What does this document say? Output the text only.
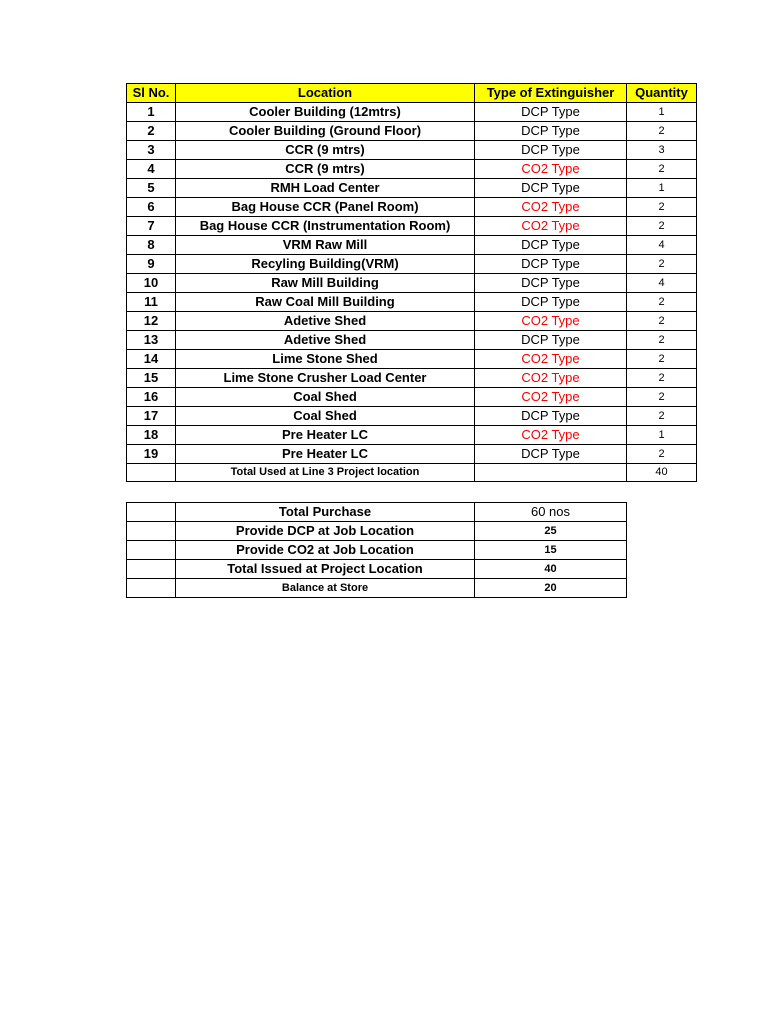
Sl No.	Location	Type of Extinguisher	Quantity
1	Cooler Building (12mtrs)	DCP Type	1
2	Cooler Building (Ground Floor)	DCP Type	2
3	CCR (9 mtrs)	DCP Type	3
4	CCR (9 mtrs)	CO2 Type	2
5	RMH Load Center	DCP Type	1
6	Bag House CCR (Panel Room)	CO2 Type	2
7	Bag House CCR (Instrumentation Room)	CO2 Type	2
8	VRM Raw Mill	DCP Type	4
9	Recyling Building(VRM)	DCP Type	2
10	Raw Mill Building	DCP Type	4
11	Raw Coal Mill Building	DCP Type	2
12	Adetive Shed	CO2 Type	2
13	Adetive Shed	DCP Type	2
14	Lime Stone Shed	CO2 Type	2
15	Lime Stone Crusher Load Center	CO2 Type	2
16	Coal Shed	CO2 Type	2
17	Coal Shed	DCP Type	2
18	Pre Heater LC	CO2 Type	1
19	Pre Heater LC	DCP Type	2
	Total Used at Line 3 Project location		40
	Total Purchase	60 nos
	Provide DCP at Job Location	25
	Provide CO2 at Job Location	15
	Total Issued at Project Location	40
	Balance at Store	20
